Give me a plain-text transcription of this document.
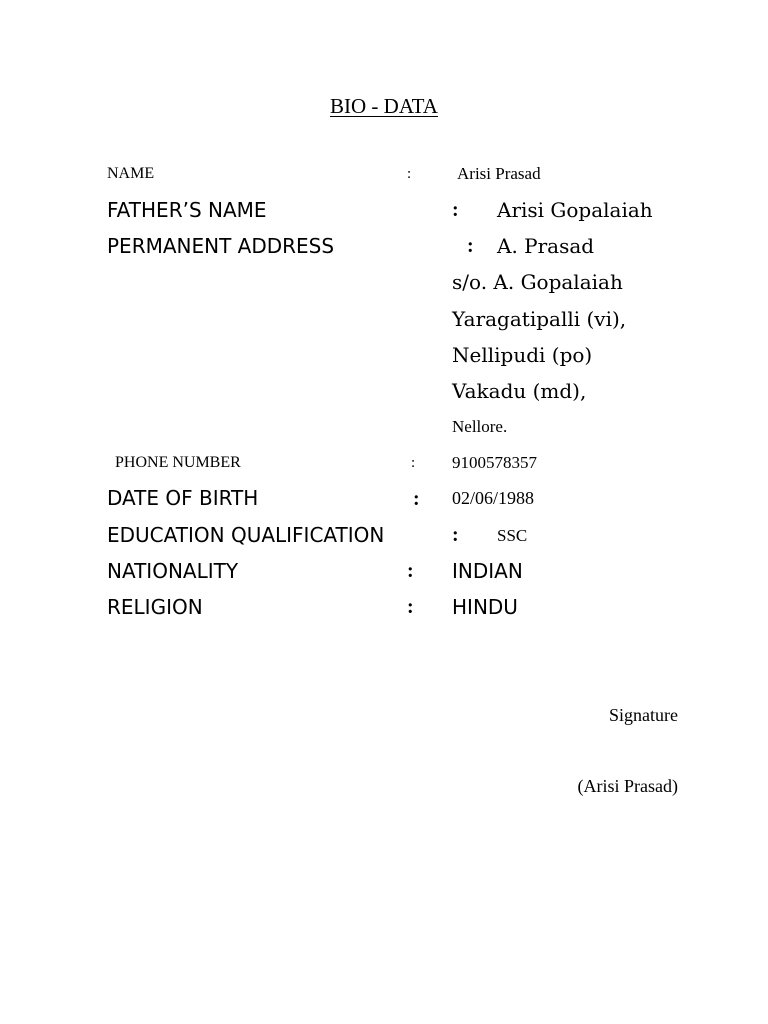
BIO - DATA
NAME	:	Arisi Prasad
FATHER’S NAME	: Arisi Gopalaiah
PERMANENT ADDRESS	: A. Prasad
s/o. A. Gopalaiah
Yaragatipalli (vi),
Nellipudi (po)
Vakadu (md),
Nellore.
PHONE NUMBER	: 9100578357
DATE OF BIRTH	: 02/06/1988
EDUCATION QUALIFICATION	: SSC
NATIONALITY	: INDIAN
RELIGION	: HINDU
Signature
(Arisi Prasad)
